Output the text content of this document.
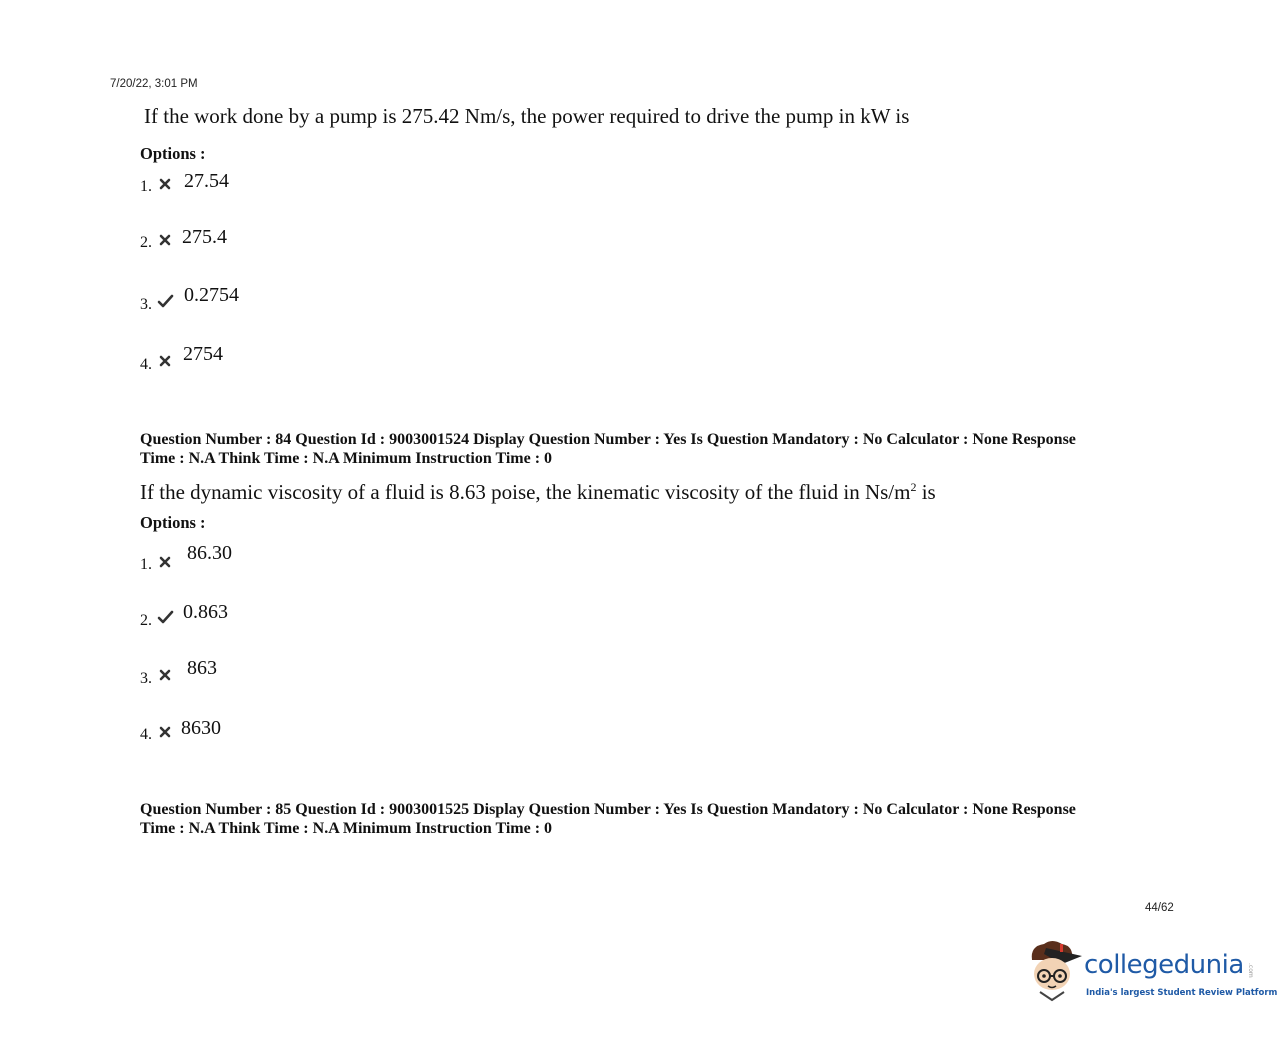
7/20/22, 3:01 PM
If the work done by a pump is 275.42 Nm/s, the power required to drive the pump in kW is
Options :
1. 27.54
2. 275.4
3. 0.2754
4. 2754
Question Number : 84 Question Id : 9003001524 Display Question Number : Yes Is Question Mandatory : No Calculator : None Response
Time : N.A Think Time : N.A Minimum Instruction Time : 0
If the dynamic viscosity of a fluid is 8.63 poise, the kinematic viscosity of the fluid in $Ns/m^2$ is
Options :
1.
86.30
2. 0.863
3. 863
4. 8630
Question Number : 85 Question Id : 9003001525 Display Question Number : Yes Is Question Mandatory : No Calculator : None Response
Time : N.A Think Time : N.A Minimum Instruction Time : 0
44/62
collegedunia .com
India's largest Student Review Platform
